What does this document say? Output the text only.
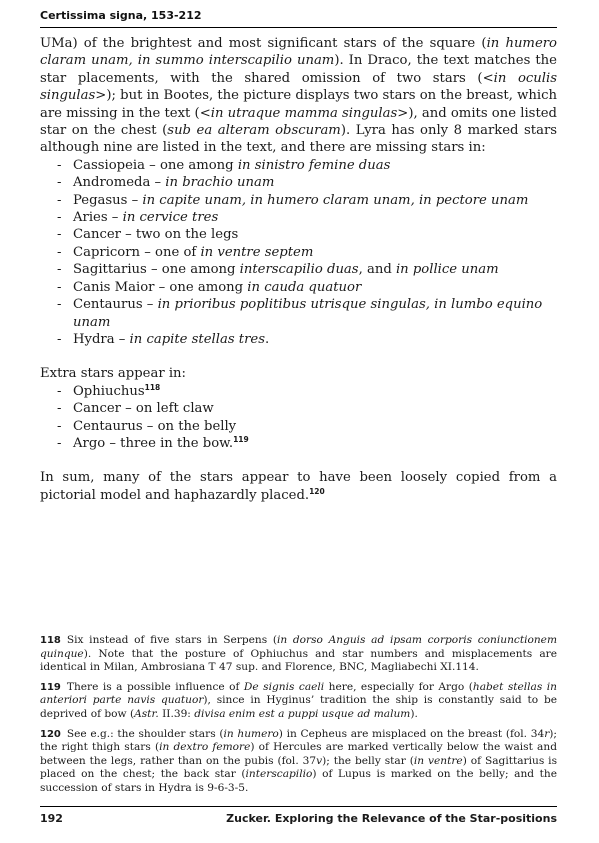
Certissima signa, 153-212

UMa) of the brightest and most significant stars of the square (in humero claram unam, in summo interscapilio unam). In Draco, the text matches the star placements, with the shared omission of two stars (<in oculis singulas>); but in Bootes, the picture displays two stars on the breast, which are missing in the text (<in utraque mamma singulas>), and omits one listed star on the chest (sub ea alteram obscuram). Lyra has only 8 marked stars although nine are listed in the text, and there are missing stars in:

- Cassiopeia – one among in sinistro femine duas
- Andromeda – in brachio unam
- Pegasus – in capite unam, in humero claram unam, in pectore unam
- Aries – in cervice tres
- Cancer – two on the legs
- Capricorn – one of in ventre septem
- Sagittarius – one among interscapilio duas, and in pollice unam
- Canis Maior – one among in cauda quatuor
- Centaurus – in prioribus poplitibus utrisque singulas, in lumbo equino unam
- Hydra – in capite stellas tres.

Extra stars appear in:

- Ophiuchus$^{118}$
- Cancer – on left claw
- Centaurus – on the belly
- Argo – three in the bow.$^{119}$

In sum, many of the stars appear to have been loosely copied from a pictorial model and haphazardly placed.$^{120}$

118 Six instead of five stars in Serpens (in dorso Anguis ad ipsam corporis coniunctionem quinque). Note that the posture of Ophiuchus and star numbers and misplacements are identical in Milan, Ambrosiana T 47 sup. and Florence, BNC, Magliabechi XI.114.

119 There is a possible influence of De signis caeli here, especially for Argo (habet stellas in anteriori parte navis quatuor), since in Hyginus’ tradition the ship is constantly said to be deprived of bow (Astr. II.39: divisa enim est a puppi usque ad malum).

120 See e.g.: the shoulder stars (in humero) in Cepheus are misplaced on the breast (fol. 34r); the right thigh stars (in dextro femore) of Hercules are marked vertically below the waist and between the legs, rather than on the pubis (fol. 37v); the belly star (in ventre) of Sagittarius is placed on the chest; the back star (interscapilio) of Lupus is marked on the belly; and the succession of stars in Hydra is 9-6-3-5.

192	Zucker. Exploring the Relevance of the Star-positions
